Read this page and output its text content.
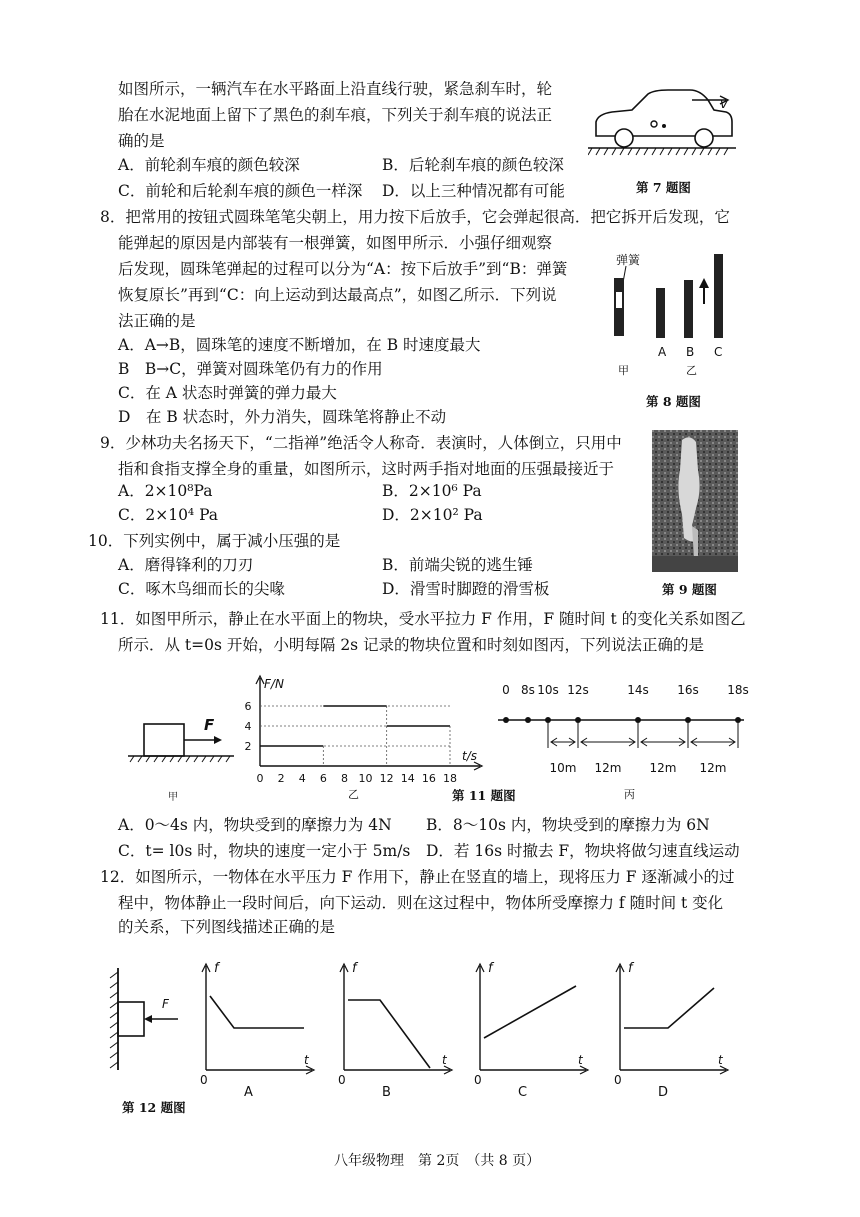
如图所示，一辆汽车在水平路面上沿直线行驶，紧急刹车时，轮
胎在水泥地面上留下了黑色的刹车痕，下列关于刹车痕的说法正
确的是
A．前轮刹车痕的颜色较深	B．后轮刹车痕的颜色较深
C．前轮和后轮刹车痕的颜色一样深 D．以上三种情况都有可能
v
第 7 题图
8．把常用的按钮式圆珠笔笔尖朝上，用力按下后放手，它会弹起很高．把它拆开后发现，它
能弹起的原因是内部装有一根弹簧，如图甲所示．小强仔细观察
后发现，圆珠笔弹起的过程可以分为“A：按下后放手”到“B：弹簧
恢复原长”再到“C：向上运动到达最高点”，如图乙所示．下列说
法正确的是
A．A→B，圆珠笔的速度不断增加，在 B 时速度最大
B　B→C，弹簧对圆珠笔仍有力的作用
C．在 A 状态时弹簧的弹力最大
D　在 B 状态时，外力消失，圆珠笔将静止不动
弹簧
甲
A B C
乙
第 8 题图
9．少林功夫名扬天下，“二指禅”绝活令人称奇．表演时，人体倒立，只用中
指和食指支撑全身的重量，如图所示，这时两手指对地面的压强最接近于
A．2×10⁸Pa	B．2×10⁶ Pa
C．2×10⁴ Pa	D．2×10² Pa
第 9 题图
10．下列实例中，属于减小压强的是
A．磨得锋利的刀刃	B．前端尖锐的逃生锤
C．啄木鸟细而长的尖喙	D．滑雪时脚蹬的滑雪板
11．如图甲所示，静止在水平面上的物块，受水平拉力 F 作用，F 随时间 t 的变化关系如图乙
所示．从 t=0s 开始，小明每隔 2s 记录的物块位置和时刻如图丙，下列说法正确的是
F
甲
F/N
t/s
0 2 4 6 8 10 12 14 16 18
2
4
6
乙
0 8s 10s 12s	14s 16s 18s
10m 12m 12m 12m
丙
第 11 题图
A．0～4s 内，物块受到的摩擦力为 4N B．8～10s 内，物块受到的摩擦力为 6N
C．t= l0s 时，物块的速度一定小于 5m/s D．若 16s 时撤去 F，物块将做匀速直线运动
12．如图所示，一物体在水平压力 F 作用下，静止在竖直的墙上，现将压力 F 逐渐减小的过
程中，物体静止一段时间后，向下运动．则在这过程中，物体所受摩擦力 f 随时间 t 变化
的关系，下列图线描述正确的是
F
第 12 题图
f
t
0
A
f
t
0
B
f
t
0
C
f
t
0
D
八年级物理　第 2页　（共 8 页）
